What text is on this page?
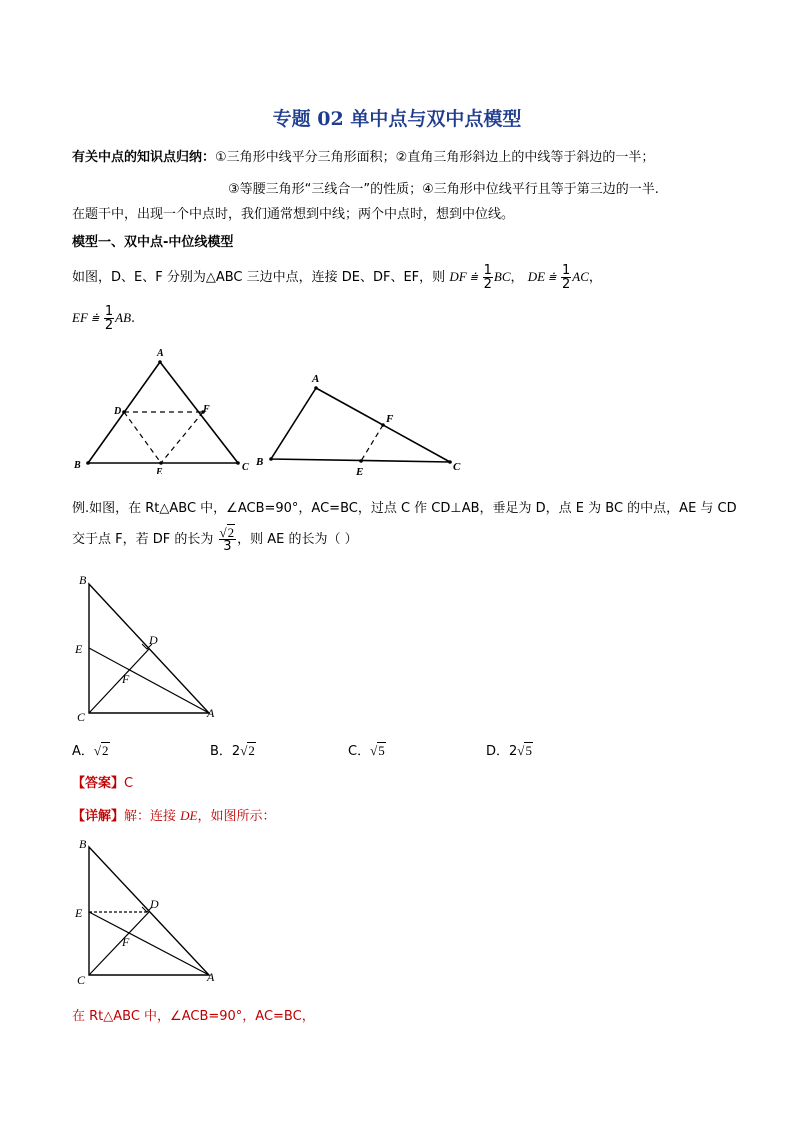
专题 02 单中点与双中点模型
有关中点的知识点归纳：①三角形中线平分三角形面积；②直角三角形斜边上的中线等于斜边的一半；
③等腰三角形“三线合一”的性质；④三角形中位线平行且等于第三边的一半.
在题干中，出现一个中点时，我们通常想到中线；两个中点时，想到中位线。
模型一、双中点-中位线模型
如图，D、E、F 分别为△ABC 三边中点，连接 DE、DF、EF，则 DF ⩧ $\frac{1}{2}$ BC， DE ⩧ $\frac{1}{2}$ AC，
EF ⩧ $\frac{1}{2}$ AB.
A
B	C
D	F
E
A
B	C
F
E
例.如图，在 Rt△ABC 中，∠ACB=90°，AC=BC，过点 C 作 CD⊥AB，垂足为 D，点 E 为 BC 的中点，AE 与 CD
交于点 F，若 DF 的长为 $\frac{√2}{3}$ ，则 AE 的长为（ ）
B
E
C	A
D
F
A．√2	B．2√2	C．√5	D．2√5
【答案】C
【详解】解：连接 DE，如图所示：
B
E
C	A
D
F
在 Rt△ABC 中，∠ACB=90°，AC=BC，
